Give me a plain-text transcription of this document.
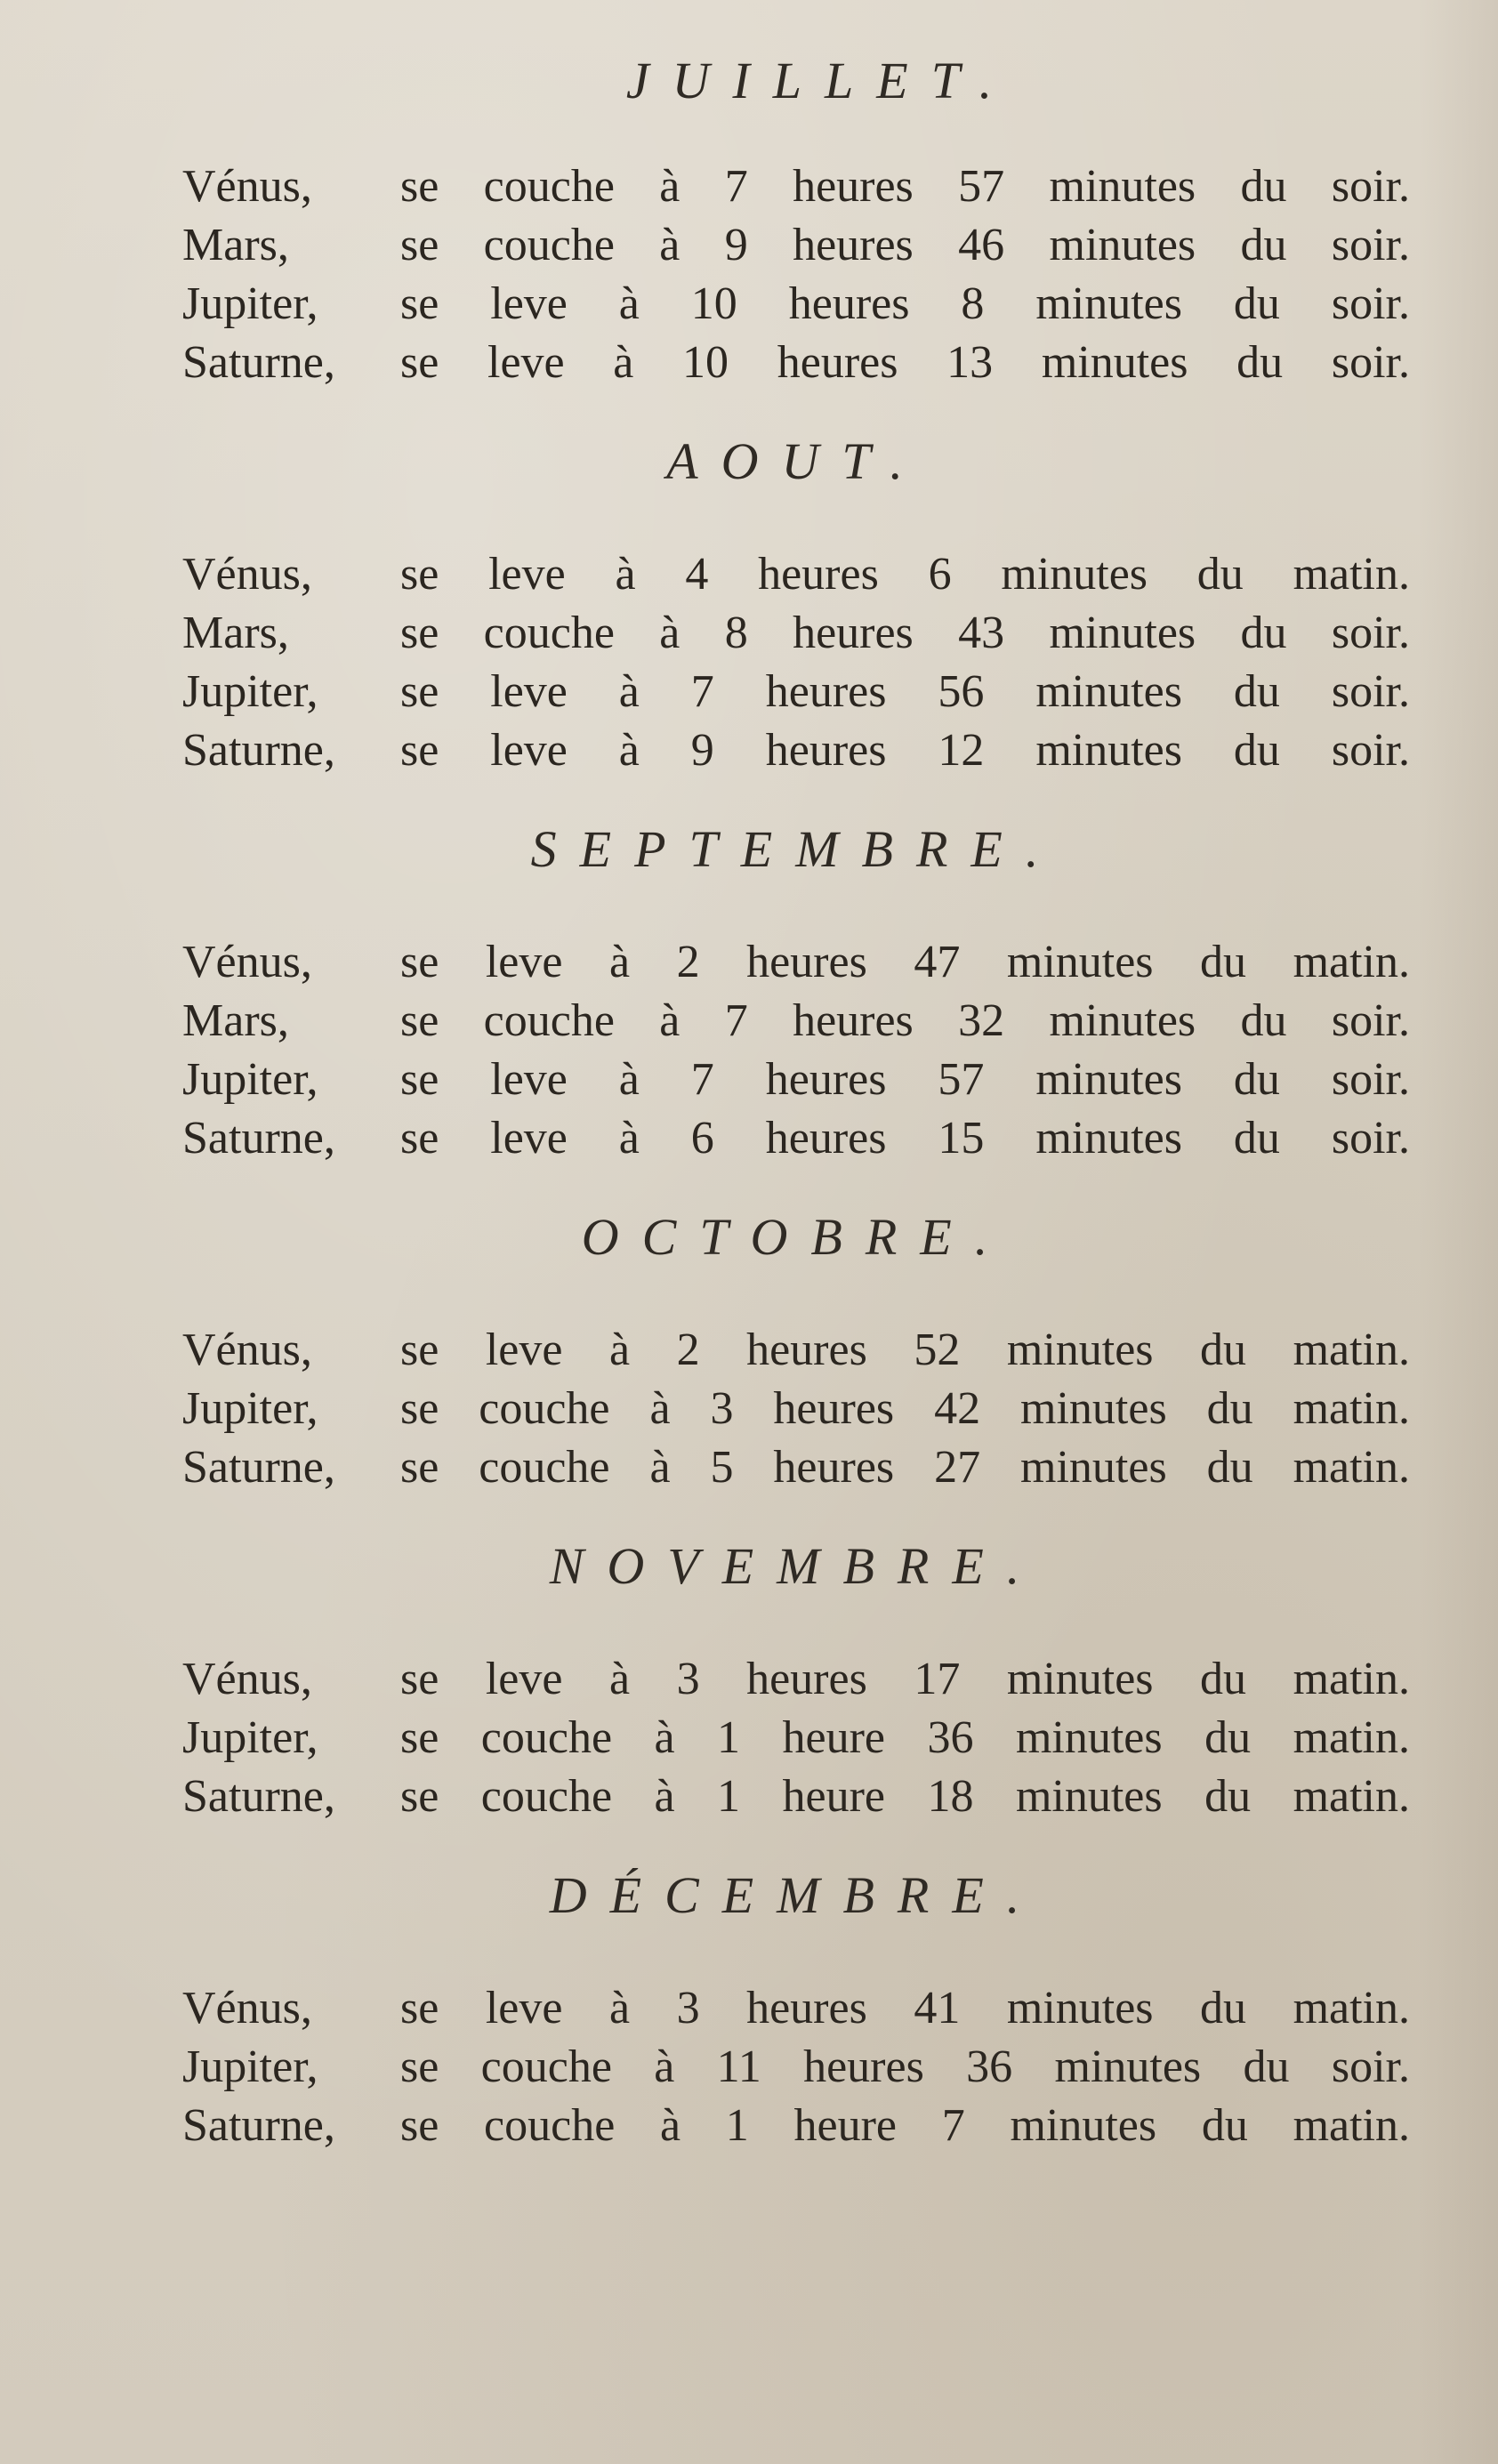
JUILLET.
Vénus,	se couche à 7 heures 57 minutes du soir.
Mars,	se couche à 9 heures 46 minutes du soir.
Jupiter,	se leve à 10 heures 8 minutes du soir.
Saturne,	se leve à 10 heures 13 minutes du soir.
AOUT.
Vénus,	se leve à 4 heures 6 minutes du matin.
Mars,	se couche à 8 heures 43 minutes du soir.
Jupiter,	se leve à 7 heures 56 minutes du soir.
Saturne,	se leve à 9 heures 12 minutes du soir.
SEPTEMBRE.
Vénus,	se leve à 2 heures 47 minutes du matin.
Mars,	se couche à 7 heures 32 minutes du soir.
Jupiter,	se leve à 7 heures 57 minutes du soir.
Saturne,	se leve à 6 heures 15 minutes du soir.
OCTOBRE.
Vénus,	se leve à 2 heures 52 minutes du matin.
Jupiter,	se couche à 3 heures 42 minutes du matin.
Saturne,	se couche à 5 heures 27 minutes du matin.
NOVEMBRE.
Vénus,	se leve à 3 heures 17 minutes du matin.
Jupiter,	se couche à 1 heure 36 minutes du matin.
Saturne,	se couche à 1 heure 18 minutes du matin.
DÉCEMBRE.
Vénus,	se leve à 3 heures 41 minutes du matin.
Jupiter,	se couche à 11 heures 36 minutes du soir.
Saturne,	se couche à 1 heure 7 minutes du matin.
